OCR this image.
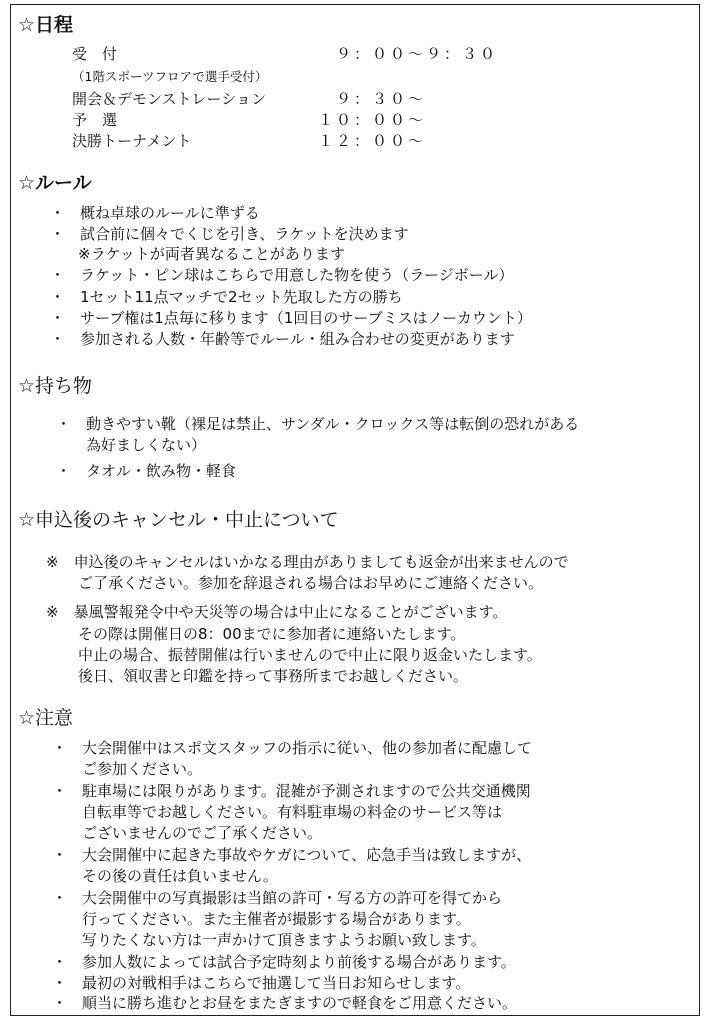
☆日程
受　付	９：００〜９：３０
（1階スポーツフロアで選手受付）
開会＆デモンストレーション	９：３０〜
予　選	１０：００〜
決勝トーナメント	１２：００〜
☆ルール
・　概ね卓球のルールに準ずる
・　試合前に個々でくじを引き、ラケットを決めます
※ラケットが両者異なることがあります
・　ラケット・ピン球はこちらで用意した物を使う（ラージボール）
・　1セット11点マッチで2セット先取した方の勝ち
・　サーブ権は1点毎に移ります（1回目のサーブミスはノーカウント）
・　参加される人数・年齢等でルール・組み合わせの変更があります
☆持ち物
・　動きやすい靴（裸足は禁止、サンダル・クロックス等は転倒の恐れがある
為好ましくない）
・　タオル・飲み物・軽食
☆申込後のキャンセル・中止について
※　申込後のキャンセルはいかなる理由がありましても返金が出来ませんので
ご了承ください。参加を辞退される場合はお早めにご連絡ください。
※　暴風警報発令中や天災等の場合は中止になることがございます。
その際は開催日の8：00までに参加者に連絡いたします。
中止の場合、振替開催は行いませんので中止に限り返金いたします。
後日、領収書と印鑑を持って事務所までお越しください。
☆注意
・　大会開催中はスポ文スタッフの指示に従い、他の参加者に配慮して
ご参加ください。
・　駐車場には限りがあります。混雑が予測されますので公共交通機関
自転車等でお越しください。有料駐車場の料金のサービス等は
ございませんのでご了承ください。
・　大会開催中に起きた事故やケガについて、応急手当は致しますが、
その後の責任は負いません。
・　大会開催中の写真撮影は当館の許可・写る方の許可を得てから
行ってください。また主催者が撮影する場合があります。
写りたくない方は一声かけて頂きますようお願い致します。
・　参加人数によっては試合予定時刻より前後する場合があります。
・　最初の対戦相手はこちらで抽選して当日お知らせします。
・　順当に勝ち進むとお昼をまたぎますので軽食をご用意ください。
